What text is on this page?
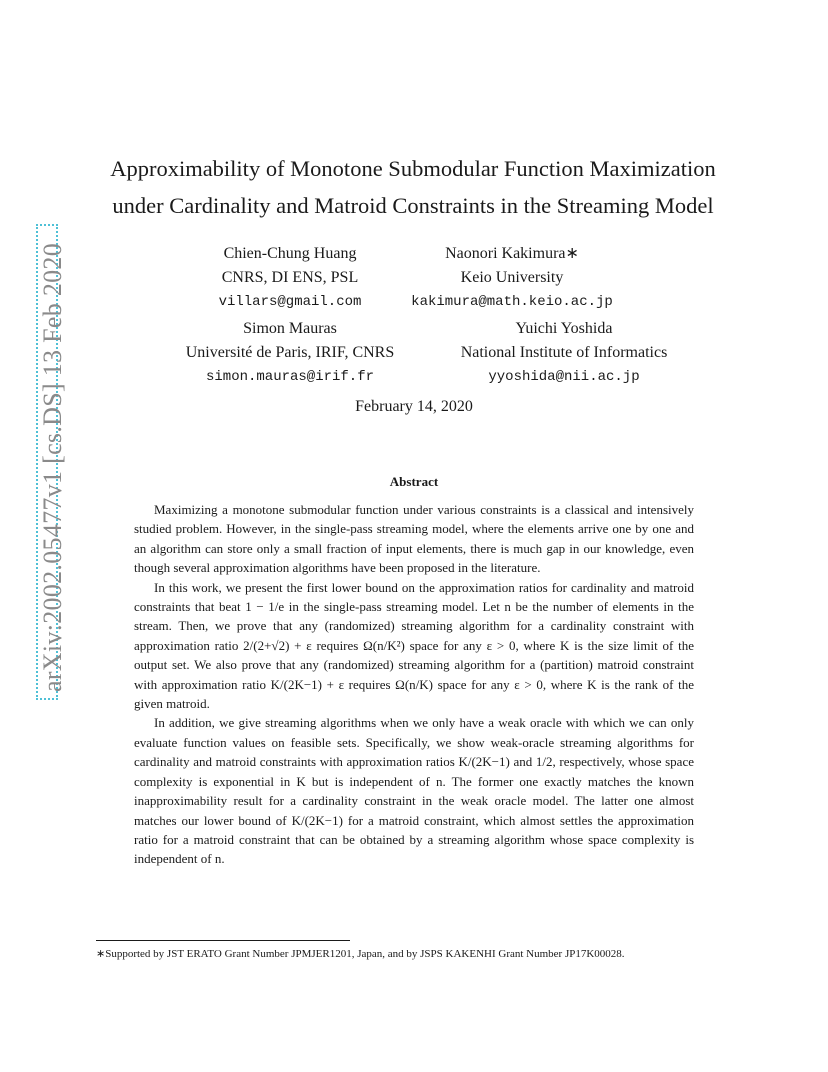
arXiv:2002.05477v1 [cs.DS] 13 Feb 2020
Approximability of Monotone Submodular Function Maximization
under Cardinality and Matroid Constraints in the Streaming Model
Chien-Chung Huang
CNRS, DI ENS, PSL
villars@gmail.com
Naonori Kakimura∗
Keio University
kakimura@math.keio.ac.jp
Simon Mauras
Université de Paris, IRIF, CNRS
simon.mauras@irif.fr
Yuichi Yoshida
National Institute of Informatics
yyoshida@nii.ac.jp
February 14, 2020
Abstract

Maximizing a monotone submodular function under various constraints is a classical and intensively studied problem. However, in the single-pass streaming model, where the elements arrive one by one and an algorithm can store only a small fraction of input elements, there is much gap in our knowledge, even though several approximation algorithms have been proposed in the literature.

In this work, we present the first lower bound on the approximation ratios for cardinality and matroid constraints that beat 1 − 1/e in the single-pass streaming model. Let n be the number of elements in the stream. Then, we prove that any (randomized) streaming algorithm for a cardinality constraint with approximation ratio 2/(2+√2) + ε requires Ω(n/K²) space for any ε > 0, where K is the size limit of the output set. We also prove that any (randomized) streaming algorithm for a (partition) matroid constraint with approximation ratio K/(2K−1) + ε requires Ω(n/K) space for any ε > 0, where K is the rank of the given matroid.

In addition, we give streaming algorithms when we only have a weak oracle with which we can only evaluate function values on feasible sets. Specifically, we show weak-oracle streaming algorithms for cardinality and matroid constraints with approximation ratios K/(2K−1) and 1/2, respectively, whose space complexity is exponential in K but is independent of n. The former one exactly matches the known inapproximability result for a cardinality constraint in the weak oracle model. The latter one almost matches our lower bound of K/(2K−1) for a matroid constraint, which almost settles the approximation ratio for a matroid constraint that can be obtained by a streaming algorithm whose space complexity is independent of n.

∗Supported by JST ERATO Grant Number JPMJER1201, Japan, and by JSPS KAKENHI Grant Number JP17K00028.
